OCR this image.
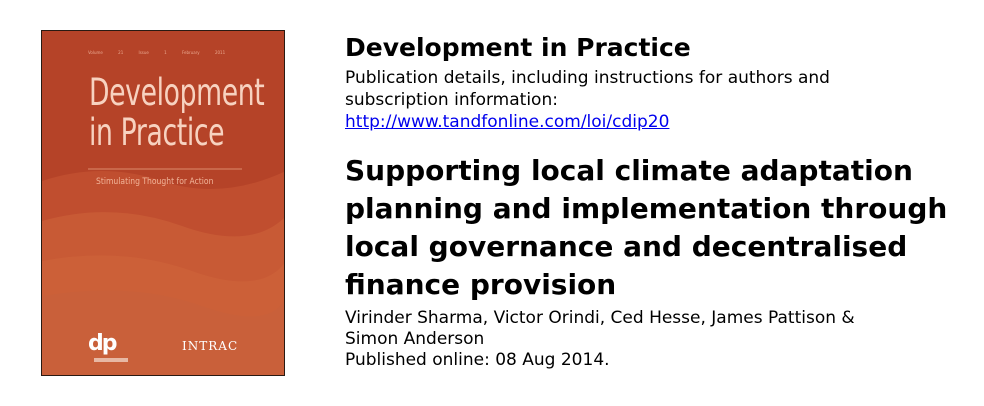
Volume 21 Issue 1 February 2011
Development
in Practice
Stimulating Thought for Action
dp	INTRAC
Development in Practice
Publication details, including instructions for authors and
subscription information:
http://www.tandfonline.com/loi/cdip20
Supporting local climate adaptation
planning and implementation through
local governance and decentralised
finance provision
Virinder Sharma, Victor Orindi, Ced Hesse, James Pattison &
Simon Anderson
Published online: 08 Aug 2014.
